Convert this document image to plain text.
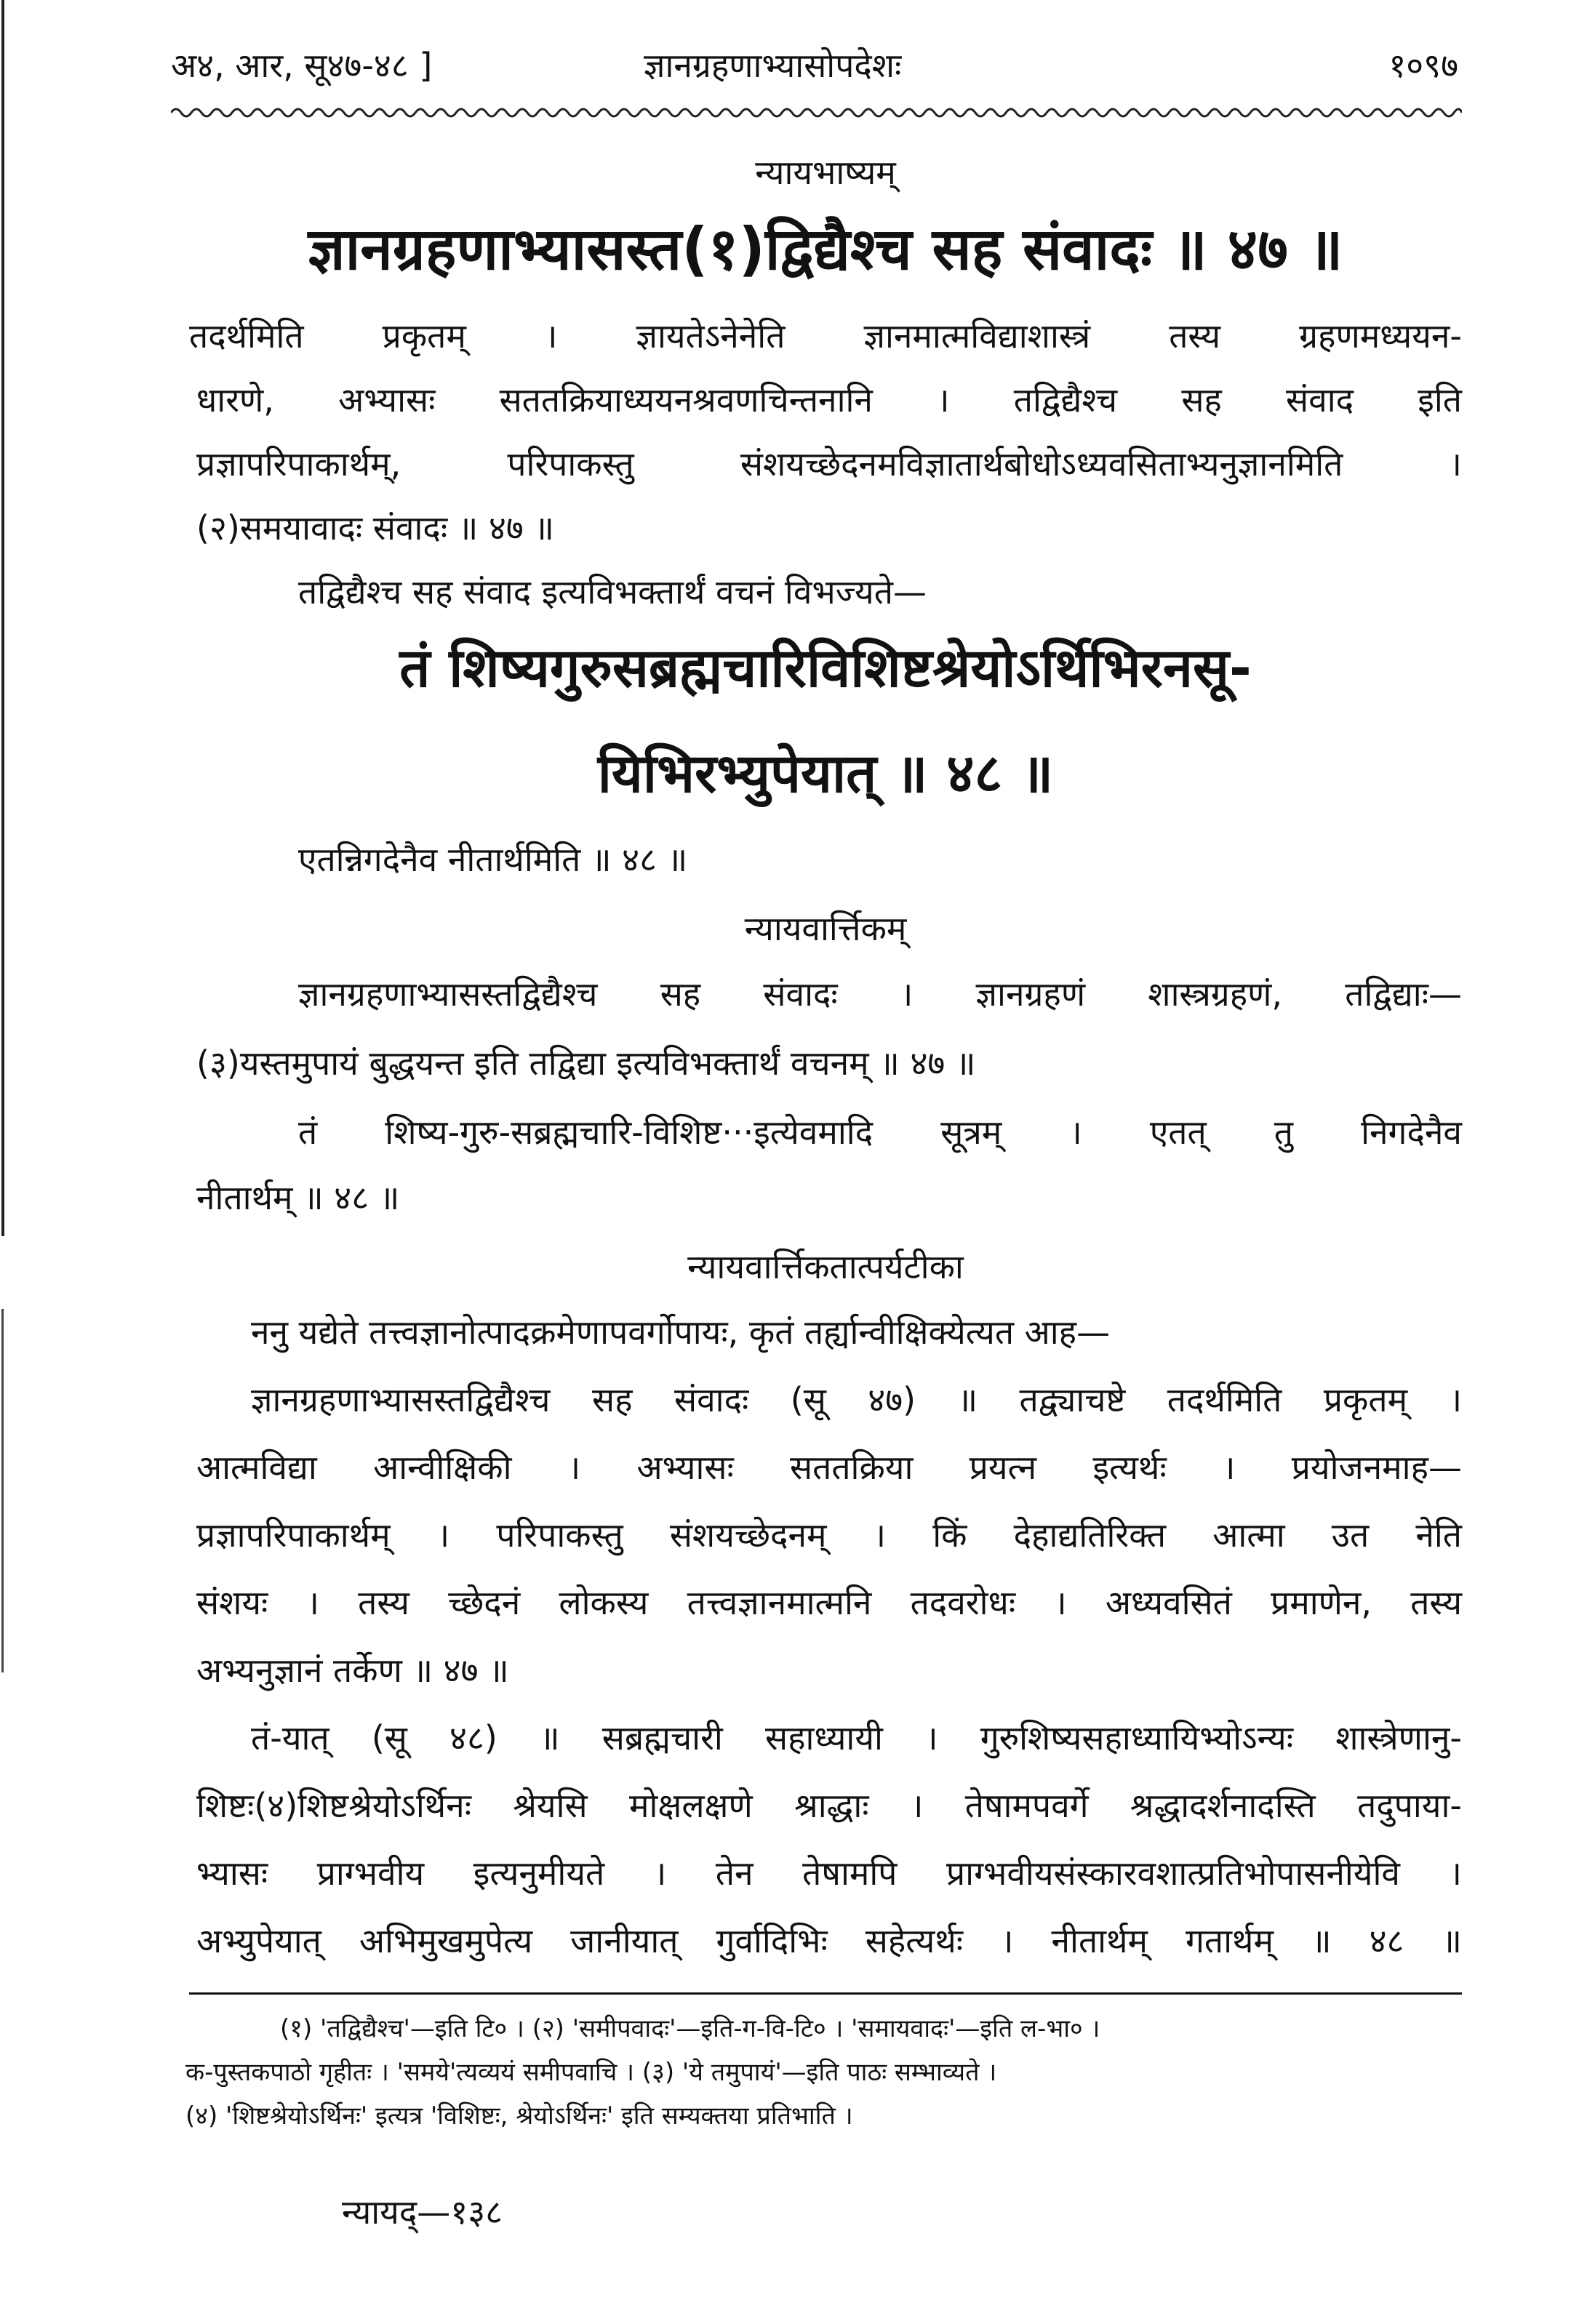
अ४, आर, सू४७-४८ ]	ज्ञानग्रहणाभ्यासोपदेशः	१०९७
न्यायभाष्यम्
ज्ञानग्रहणाभ्यासस्त(१)द्विद्यैश्च सह संवादः ॥ ४७ ॥
तदर्थमिति प्रकृतम् । ज्ञायतेऽनेनेति ज्ञानमात्मविद्याशास्त्रं तस्य ग्रहणमध्ययन-
धारणे, अभ्यासः सततक्रियाध्ययनश्रवणचिन्तनानि । तद्विद्यैश्च सह संवाद इति
प्रज्ञापरिपाकार्थम्, परिपाकस्तु संशयच्छेदनमविज्ञातार्थबोधोऽध्यवसिताभ्यनुज्ञानमिति ।
(२)समयावादः संवादः ॥ ४७ ॥
तद्विद्यैश्च सह संवाद इत्यविभक्तार्थं वचनं विभज्यते—
तं शिष्यगुरुसब्रह्मचारिविशिष्टश्रेयोऽर्थिभिरनसू-
यिभिरभ्युपेयात् ॥ ४८ ॥
एतन्निगदेनैव नीतार्थमिति ॥ ४८ ॥
न्यायवार्त्तिकम्
ज्ञानग्रहणाभ्यासस्तद्विद्यैश्च सह संवादः । ज्ञानग्रहणं शास्त्रग्रहणं, तद्विद्याः—
(३)यस्तमुपायं बुद्धयन्त इति तद्विद्या इत्यविभक्तार्थं वचनम् ॥ ४७ ॥
तं शिष्य-गुरु-सब्रह्मचारि-विशिष्ट···इत्येवमादि सूत्रम् । एतत् तु निगदेनैव
नीतार्थम् ॥ ४८ ॥
न्यायवार्त्तिकतात्पर्यटीका
ननु यद्येते तत्त्वज्ञानोत्पादक्रमेणापवर्गोपायः, कृतं तर्ह्यान्वीक्षिक्येत्यत आह—
ज्ञानग्रहणाभ्यासस्तद्विद्यैश्च सह संवादः (सू ४७) ॥ तद्व्याचष्टे तदर्थमिति प्रकृतम् ।
आत्मविद्या आन्वीक्षिकी । अभ्यासः सततक्रिया प्रयत्न इत्यर्थः । प्रयोजनमाह—
प्रज्ञापरिपाकार्थम् । परिपाकस्तु संशयच्छेदनम् । किं देहाद्यतिरिक्त आत्मा उत नेति
संशयः । तस्य च्छेदनं लोकस्य तत्त्वज्ञानमात्मनि तदवरोधः । अध्यवसितं प्रमाणेन, तस्य
अभ्यनुज्ञानं तर्केण ॥ ४७ ॥
तं-यात् (सू ४८) ॥ सब्रह्मचारी सहाध्यायी । गुरुशिष्यसहाध्यायिभ्योऽन्यः शास्त्रेणानु-
शिष्टः(४)शिष्टश्रेयोऽर्थिनः श्रेयसि मोक्षलक्षणे श्राद्धाः । तेषामपवर्गे श्रद्धादर्शनादस्ति तदुपाया-
भ्यासः प्राग्भवीय इत्यनुमीयते । तेन तेषामपि प्राग्भवीयसंस्कारवशात्प्रतिभोपासनीयेवि ।
अभ्युपेयात् अभिमुखमुपेत्य जानीयात् गुर्वादिभिः सहेत्यर्थः । नीतार्थम् गतार्थम् ॥ ४८ ॥
(१) 'तद्विद्यैश्च'—इति टि० । (२) 'समीपवादः'—इति-ग-वि-टि० । 'समायवादः'—इति ल-भा० ।
क-पुस्तकपाठो गृहीतः । 'समये'त्यव्ययं समीपवाचि । (३) 'ये तमुपायं'—इति पाठः सम्भाव्यते ।
(४) 'शिष्टश्रेयोऽर्थिनः' इत्यत्र 'विशिष्टः, श्रेयोऽर्थिनः' इति सम्यक्तया प्रतिभाति ।
न्यायद्—१३८
